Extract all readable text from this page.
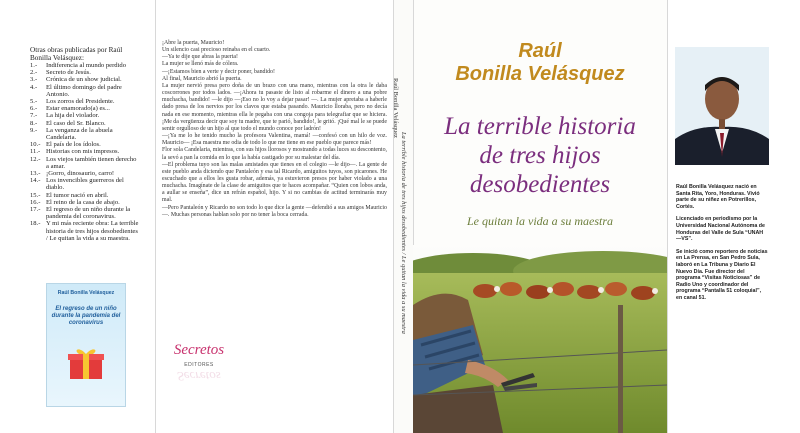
Otras obras publicadas por Raúl Bonilla Velásquez:
1.-	Indiferencia al mundo perdido
2.-	Secreto de Jesús.
3.-	Crónica de un show judicial.
4.-	El último domingo del padre Antonio.
5.-	Los zorros del Presidente.
6.-	Estar enamorado(a) es...
7.-	La hija del violador.
8.-	El caso del Sr. Blanco.
9.-	La venganza de la abuela Candelaria.
10.- El país de los ídolos.
11.- Historias con mis impresos.
12.- Los viejos también tienen derecho a amar.
13.- ¡Gorro, dinosaurio, carro!
14.- Los invencibles guerreros del diablo.
15.- El tumor nació en abril.
16.- El reino de la casa de abajo.
17.- El regreso de un niño durante la pandemia del coronavirus.
18.- Y mi más reciente obra: La terrible historia de tres hijos desobedientes / Le quitan la vida a su maestra.
Raúl Bonilla Velásquez
El regreso de un niño durante la pandemia del coronavirus

¡Abre la puerta, Mauricio!

Un silencio casi precioso reinaba en el cuarto.

—Ya te dije que abras la puerta!

La mujer se llenó más de cólera.

—¡Estamos bien a verte y decir poner, bandido!

Al final, Mauricio abrió la puerta.

La mujer nervió presa pero doña de un brazo con una mano, mientras con la otra le daba coscorrones por todos lados. —¡Ahora tu pasaste de listo al robarme el dinero a una pobre muchacha, bandido! —le dijo —¡Eso no lo voy a dejar pasar! —. La mujer apretaba a haberle dado presa de los nervios por los clavos que estaba pasando. Mauricio lloraba, pero no decía nada en ese momento, mientras ella le pegaba con una congoja para telegrafiar que se hiciera. ¡Me da vergüenza decir que soy tu madre, que te parió, bandido!, le gritó. ¡Qué mal le se puede sentir orgulloso de un hijo al que todo el mundo conoce por ladrón!

—¡Ya me lo he tenido mucho la profesora Valentina, mamá! —confesó con un hilo de voz. Mauricio— ¡Esa maestra me odia de todo lo que me tiene en ese pueblo que parece más!

Flor sola Candelaria, mientras, con sus hijos llorosos y mostrando a todas luces su descontento, la sevó a pan la comida en lo que la había castigado por su malestar del día.

—El problema tuyo son las malas amistades que tienes en el colegio —le dijo—. La gente de este pueblo anda diciendo que Pantaleón y esa tal Ricardo, amiguitos tuyos, son picarones. He escuchado que a ellos les gusta robar, además, ya estuvieron presos por haber violado a una muchacha. Imagínate de la clase de amiguitos que te haces acompañar. “Quien con lobos anda, a aullar se enseña”, dice un refrán español, hijo. Y si no cambias de actitud terminarás muy mal.

—Pero Pantaleón y Ricardo no son todo lo que dice la gente —defendió a sus amigos Mauricio—. Muchas personas hablan solo por no tener la boca cerrada.

Secretos
EDITORES
Secretos
Raúl Bonilla Velásquez
La terrible historia de tres hijos desobedientes / Le quitan la vida a su maestra
Raúl
Bonilla Velásquez
La terrible historia
de tres hijos
desobedientes
Le quitan la vida a su maestra

Raúl Bonilla Velásquez nació en Santa Rita, Yoro, Honduras. Vivió parte de su niñez en Potrerillos, Cortés.

Licenciado en periodismo por la Universidad Nacional Autónoma de Honduras del Valle de Sula “UNAH—VS”.

Se inició como reportero de noticias en La Prensa, en San Pedro Sula, laboró en La Tribuna y Diario El Nuevo Día. Fue director del programa “Visitas Noticiosas” de Radio Uno y coordinador del programa “Pantalla 51 coloquial”, en canal 51.
